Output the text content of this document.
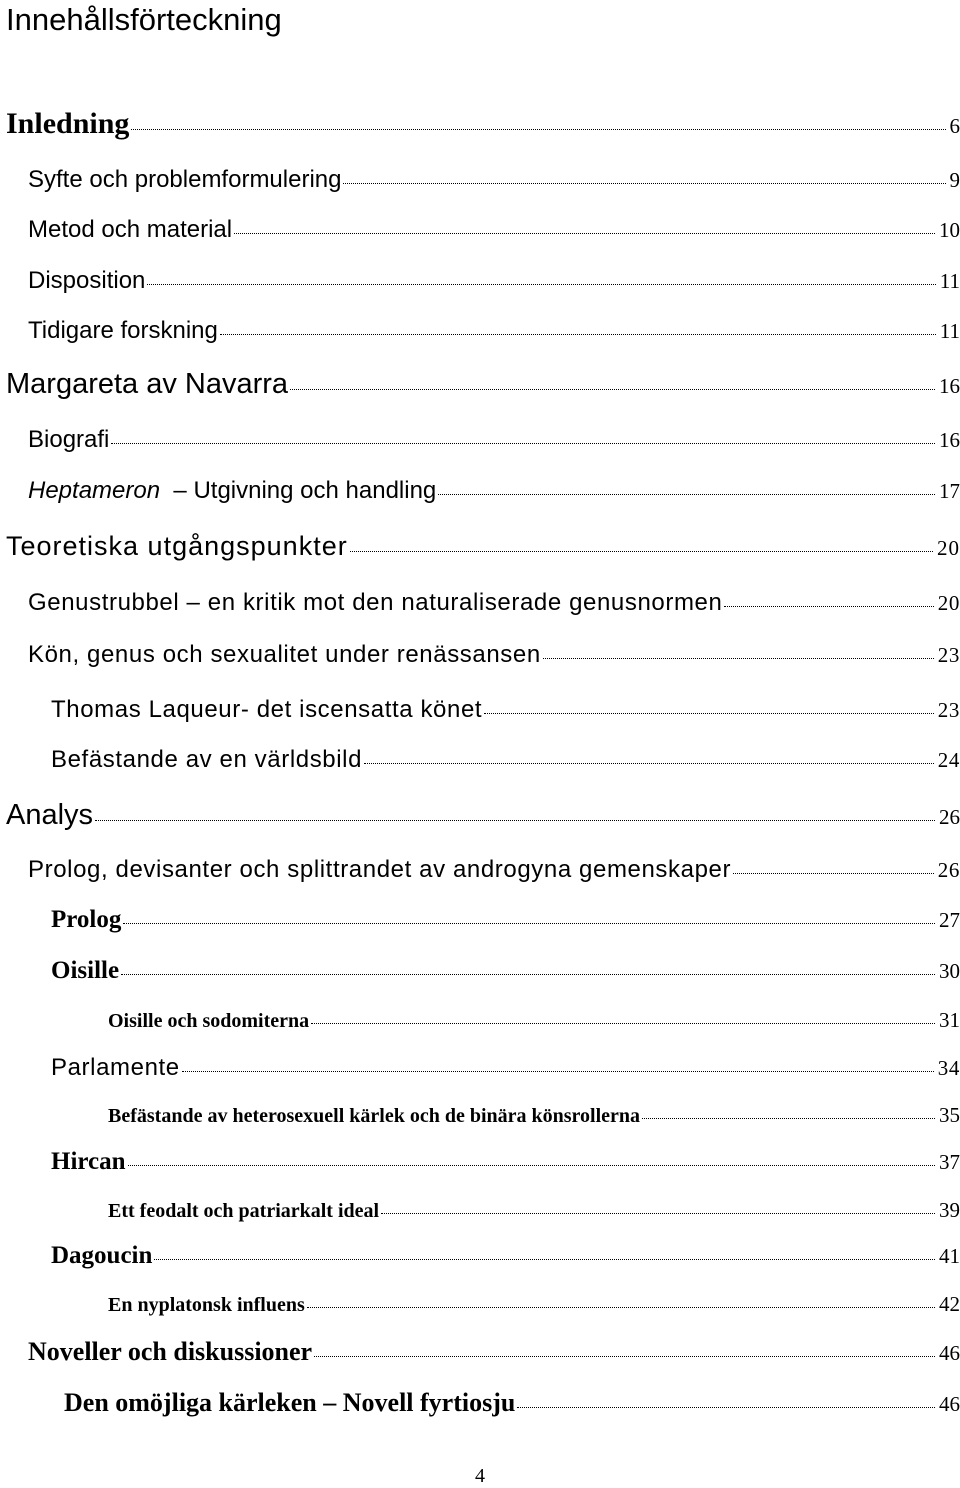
Innehållsförteckning
Inledning	6
Syfte och problemformulering	9
Metod och material	10
Disposition	11
Tidigare forskning	11
Margareta av Navarra	16
Biografi	16
Heptameron  – Utgivning och handling	17
Teoretiska utgångspunkter	20
Genustrubbel – en kritik mot den naturaliserade genusnormen	20
Kön, genus och sexualitet under renässansen	23
Thomas Laqueur- det iscensatta könet	23
Befästande av en världsbild	24
Analys	26
Prolog, devisanter och splittrandet av androgyna gemenskaper	26
Prolog	27
Oisille	30
Oisille och sodomiterna	31
Parlamente	34
Befästande av heterosexuell kärlek och de binära könsrollerna	35
Hircan	37
Ett feodalt och patriarkalt ideal	39
Dagoucin	41
En nyplatonsk influens	42
Noveller och diskussioner	46
Den omöjliga kärleken – Novell fyrtiosju	46
4
